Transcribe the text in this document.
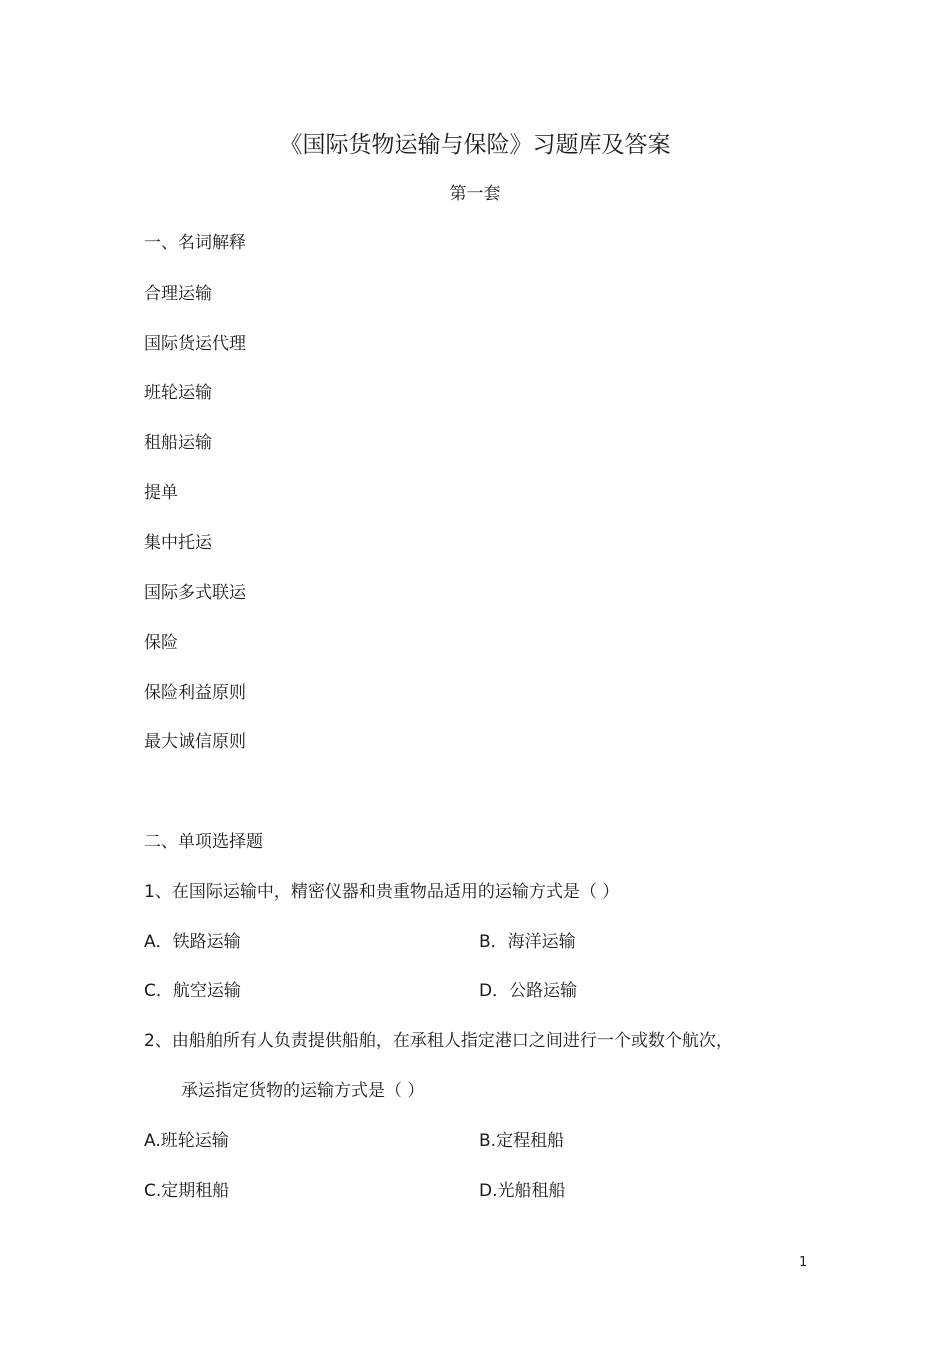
《国际货物运输与保险》习题库及答案
第一套
一、名词解释
合理运输
国际货运代理
班轮运输
租船运输
提单
集中托运
国际多式联运
保险
保险利益原则
最大诚信原则
二、单项选择题
1、在国际运输中，精密仪器和贵重物品适用的运输方式是（ ）
A．铁路运输	B．海洋运输
C．航空运输	D．公路运输
2、由船舶所有人负责提供船舶，在承租人指定港口之间进行一个或数个航次，
承运指定货物的运输方式是（ ）
A.班轮运输	B.定程租船
C.定期租船	D.光船租船
1
